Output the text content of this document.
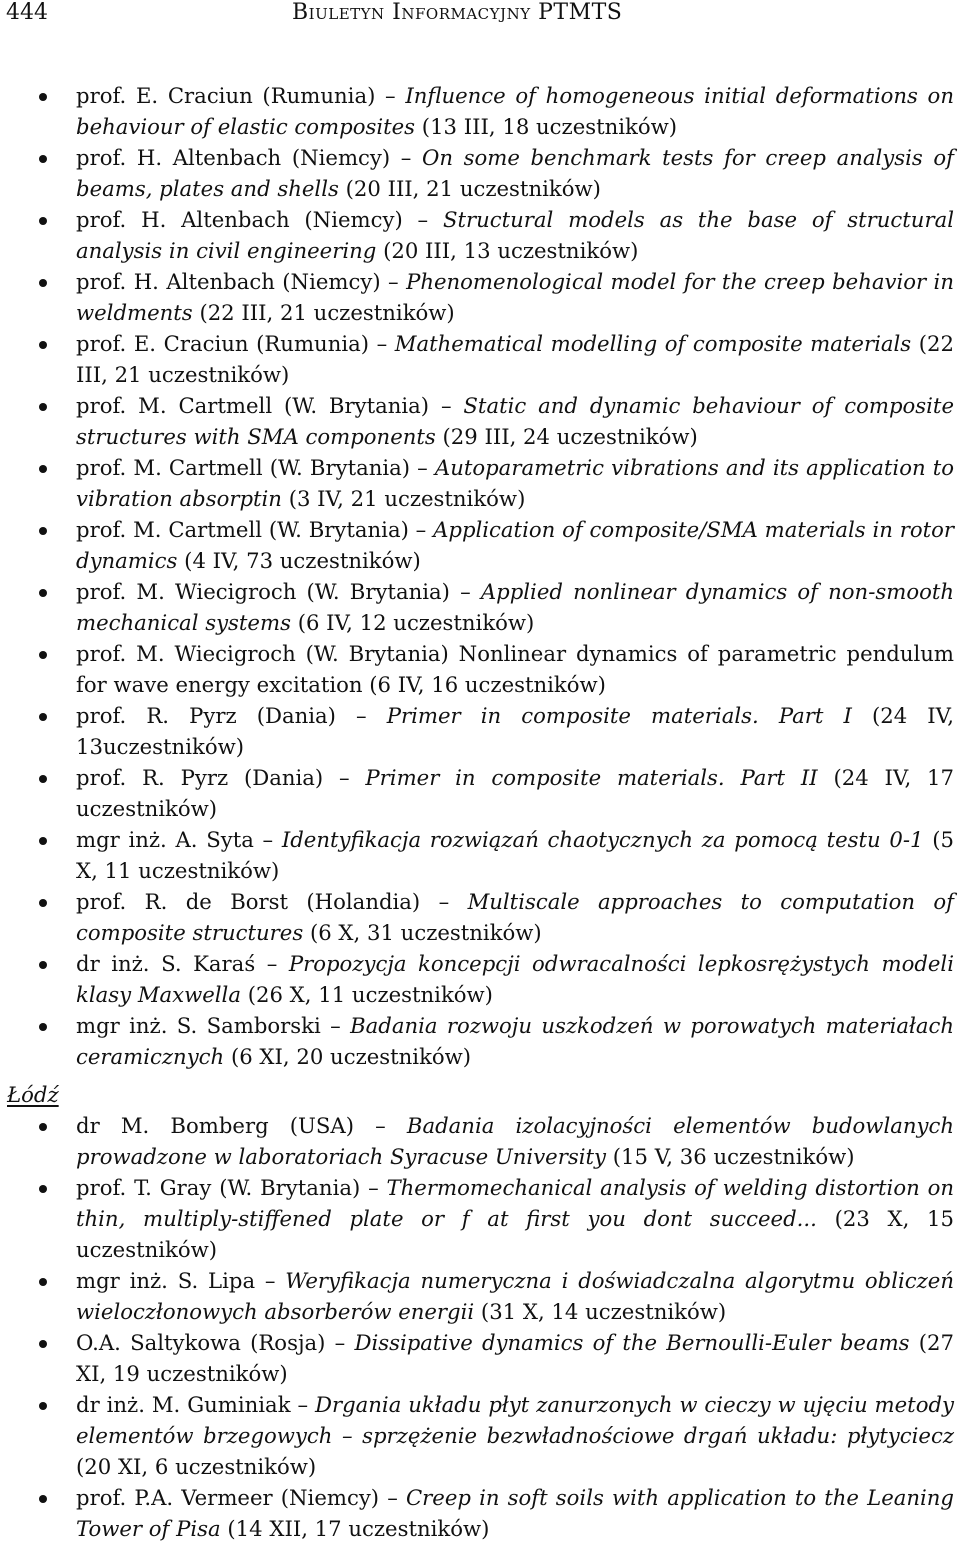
444	Biuletyn Informacyjny PTMTS
prof. E. Craciun (Rumunia) – Influence of homogeneous initial deformations on behaviour of elastic composites (13 III, 18 uczestników)
prof. H. Altenbach (Niemcy) – On some benchmark tests for creep analysis of beams, plates and shells (20 III, 21 uczestników)
prof. H. Altenbach (Niemcy) – Structural models as the base of structural analysis in civil engineering (20 III, 13 uczestników)
prof. H. Altenbach (Niemcy) – Phenomenological model for the creep behavior in weldments (22 III, 21 uczestników)
prof. E. Craciun (Rumunia) – Mathematical modelling of composite materials (22 III, 21 uczestników)
prof. M. Cartmell (W. Brytania) – Static and dynamic behaviour of composite structures with SMA components (29 III, 24 uczestników)
prof. M. Cartmell (W. Brytania) – Autoparametric vibrations and its application to vibration absorptin (3 IV, 21 uczestników)
prof. M. Cartmell (W. Brytania) – Application of composite/SMA materials in rotor dynamics (4 IV, 73 uczestników)
prof. M. Wiecigroch (W. Brytania) – Applied nonlinear dynamics of non-smooth mechanical systems (6 IV, 12 uczestników)
prof. M. Wiecigroch (W. Brytania) Nonlinear dynamics of parametric pendulum for wave energy excitation (6 IV, 16 uczestników)
prof. R. Pyrz (Dania) – Primer in composite materials. Part I (24 IV, 13uczestników)
prof. R. Pyrz (Dania) – Primer in composite materials. Part II (24 IV, 17 uczestników)
mgr inż. A. Syta – Identyfikacja rozwiązań chaotycznych za pomocą testu 0-1 (5 X, 11 uczestników)
prof. R. de Borst (Holandia) – Multiscale approaches to computation of composite structures (6 X, 31 uczestników)
dr inż. S. Karaś – Propozycja koncepcji odwracalności lepkosrężystych modeli klasy Maxwella (26 X, 11 uczestników)
mgr inż. S. Samborski – Badania rozwoju uszkodzeń w porowatych materiałach ceramicznych (6 XI, 20 uczestników)
Łódź
dr M. Bomberg (USA) – Badania izolacyjności elementów budowlanych prowadzone w laboratoriach Syracuse University (15 V, 36 uczestników)
prof. T. Gray (W. Brytania) – Thermomechanical analysis of welding distortion on thin, multiply-stiffened plate or f at first you dont succeed... (23 X, 15 uczestników)
mgr inż. S. Lipa – Weryfikacja numeryczna i doświadczalna algorytmu obliczeń wieloczłonowych absorberów energii (31 X, 14 uczestników)
O.A. Saltykowa (Rosja) – Dissipative dynamics of the Bernoulli-Euler beams (27 XI, 19 uczestników)
dr inż. M. Guminiak – Drgania układu płyt zanurzonych w cieczy w ujęciu metody elementów brzegowych – sprzężenie bezwładnościowe drgań układu: płytyciecz (20 XI, 6 uczestników)
prof. P.A. Vermeer (Niemcy) – Creep in soft soils with application to the Leaning Tower of Pisa (14 XII, 17 uczestników)
